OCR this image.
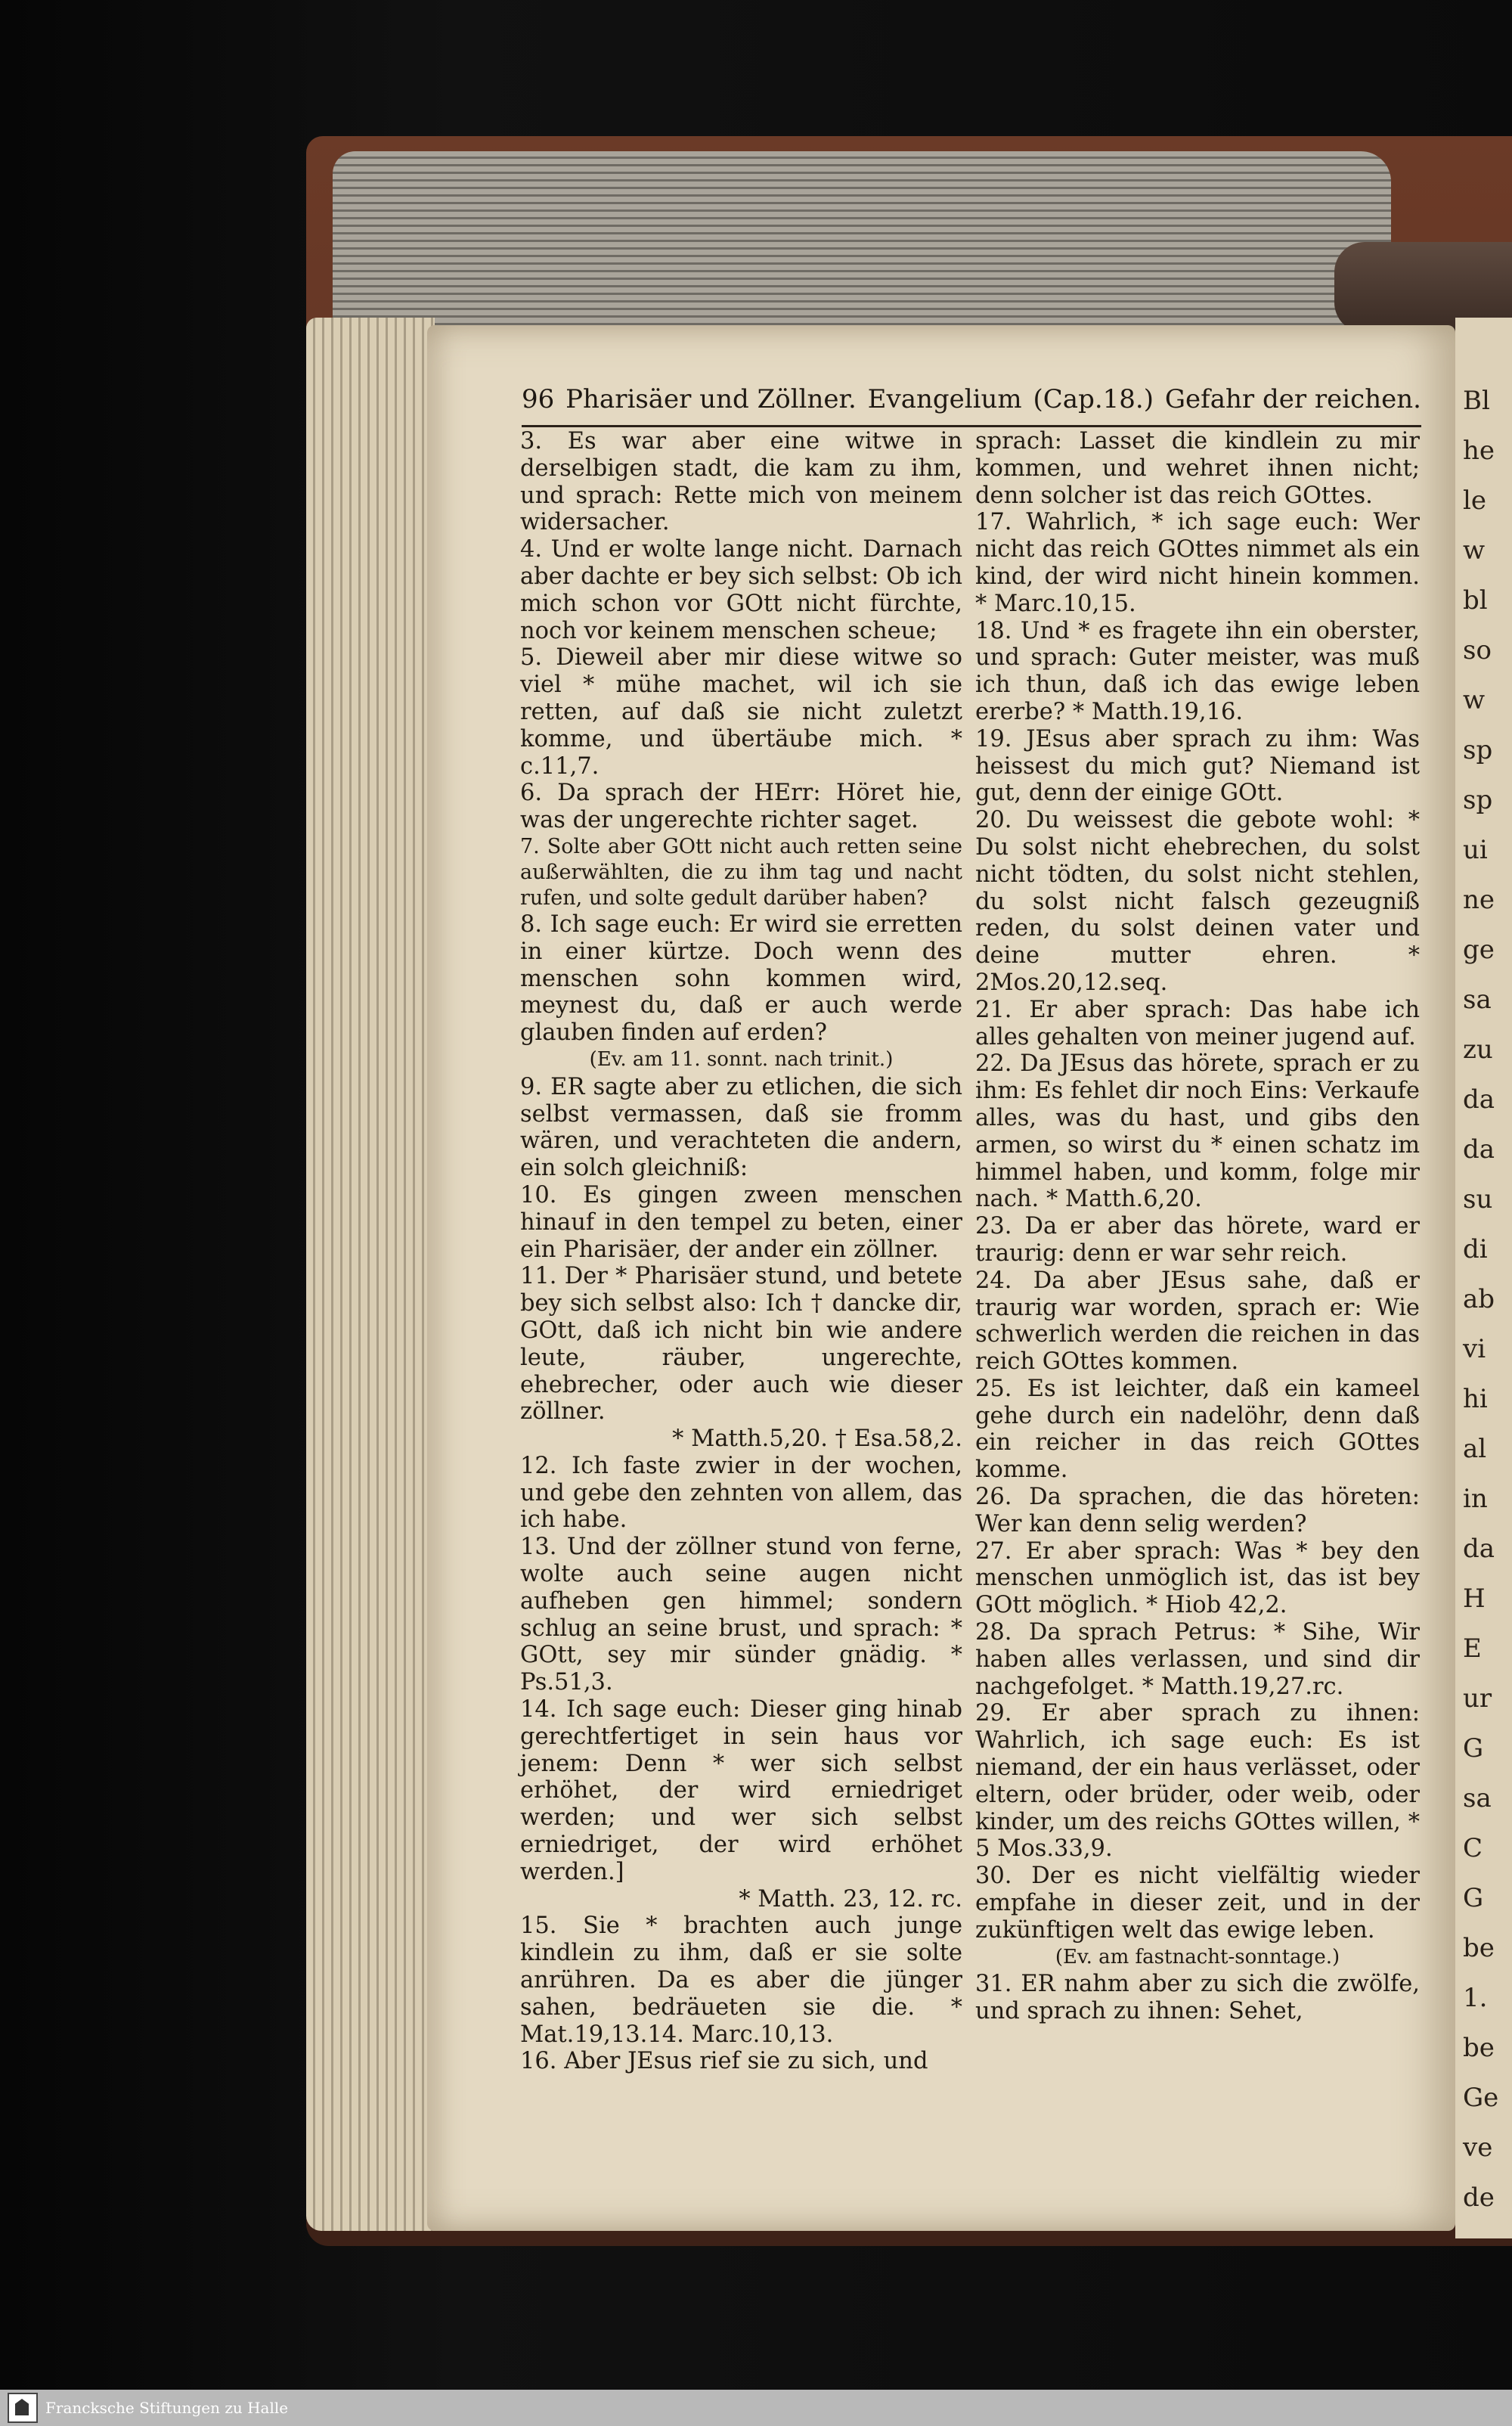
Bl
he
le
w
bl
so
w
sp
sp
ui
ne
ge
sa
zu
da
da
su
di
ab
vi
hi
al
in
da
H
E
ur
G
sa
C
G
be
1.
be
Ge
ve
de
96 Pharisäer und Zöllner. Evangelium (Cap.18.) Gefahr der reichen.

3. Es war aber eine witwe in derselbigen stadt, die kam zu ihm, und sprach: Rette mich von meinem widersacher.

4. Und er wolte lange nicht. Darnach aber dachte er bey sich selbst: Ob ich mich schon vor GOtt nicht fürchte, noch vor keinem menschen scheue;

5. Dieweil aber mir diese witwe so viel * mühe machet, wil ich sie retten, auf daß sie nicht zuletzt komme, und übertäube mich. * c.11,7.

6. Da sprach der HErr: Höret hie, was der ungerechte richter saget.

7. Solte aber GOtt nicht auch retten seine außerwählten, die zu ihm tag und nacht rufen, und solte gedult darüber haben?

8. Ich sage euch: Er wird sie erretten in einer kürtze. Doch wenn des menschen sohn kommen wird, meynest du, daß er auch werde glauben finden auf erden?

(Ev. am 11. sonnt. nach trinit.)

9. ER sagte aber zu etlichen, die sich selbst vermassen, daß sie fromm wären, und verachteten die andern, ein solch gleichniß:

10. Es gingen zween menschen hinauf in den tempel zu beten, einer ein Pharisäer, der ander ein zöllner.

11. Der * Pharisäer stund, und betete bey sich selbst also: Ich † dancke dir, GOtt, daß ich nicht bin wie andere leute, räuber, ungerechte, ehebrecher, oder auch wie dieser zöllner.

* Matth.5,20. † Esa.58,2.

12. Ich faste zwier in der wochen, und gebe den zehnten von allem, das ich habe.

13. Und der zöllner stund von ferne, wolte auch seine augen nicht aufheben gen himmel; sondern schlug an seine brust, und sprach: * GOtt, sey mir sünder gnädig. * Ps.51,3.

14. Ich sage euch: Dieser ging hinab gerechtfertiget in sein haus vor jenem: Denn * wer sich selbst erhöhet, der wird erniedriget werden; und wer sich selbst erniedriget, der wird erhöhet werden.]

* Matth. 23, 12. rc.

15. Sie * brachten auch junge kindlein zu ihm, daß er sie solte anrühren. Da es aber die jünger sahen, bedräueten sie die. * Mat.19,13.14. Marc.10,13.

16. Aber JEsus rief sie zu sich, und

sprach: Lasset die kindlein zu mir kommen, und wehret ihnen nicht; denn solcher ist das reich GOttes.

17. Wahrlich, * ich sage euch: Wer nicht das reich GOttes nimmet als ein kind, der wird nicht hinein kommen. * Marc.10,15.

18. Und * es fragete ihn ein oberster, und sprach: Guter meister, was muß ich thun, daß ich das ewige leben ererbe? * Matth.19,16.

19. JEsus aber sprach zu ihm: Was heissest du mich gut? Niemand ist gut, denn der einige GOtt.

20. Du weissest die gebote wohl: * Du solst nicht ehebrechen, du solst nicht tödten, du solst nicht stehlen, du solst nicht falsch gezeugniß reden, du solst deinen vater und deine mutter ehren. * 2Mos.20,12.seq.

21. Er aber sprach: Das habe ich alles gehalten von meiner jugend auf.

22. Da JEsus das hörete, sprach er zu ihm: Es fehlet dir noch Eins: Verkaufe alles, was du hast, und gibs den armen, so wirst du * einen schatz im himmel haben, und komm, folge mir nach. * Matth.6,20.

23. Da er aber das hörete, ward er traurig: denn er war sehr reich.

24. Da aber JEsus sahe, daß er traurig war worden, sprach er: Wie schwerlich werden die reichen in das reich GOttes kommen.

25. Es ist leichter, daß ein kameel gehe durch ein nadelöhr, denn daß ein reicher in das reich GOttes komme.

26. Da sprachen, die das höreten: Wer kan denn selig werden?

27. Er aber sprach: Was * bey den menschen unmöglich ist, das ist bey GOtt möglich. * Hiob 42,2.

28. Da sprach Petrus: * Sihe, Wir haben alles verlassen, und sind dir nachgefolget. * Matth.19,27.rc.

29. Er aber sprach zu ihnen: Wahrlich, ich sage euch: Es ist niemand, der ein haus verlässet, oder eltern, oder brüder, oder weib, oder kinder, um des reichs GOttes willen, * 5 Mos.33,9.

30. Der es nicht vielfältig wieder empfahe in dieser zeit, und in der zukünftigen welt das ewige leben.

(Ev. am fastnacht-sonntage.)

31. ER nahm aber zu sich die zwölfe, und sprach zu ihnen: Sehet,

Francksche Stiftungen zu Halle
